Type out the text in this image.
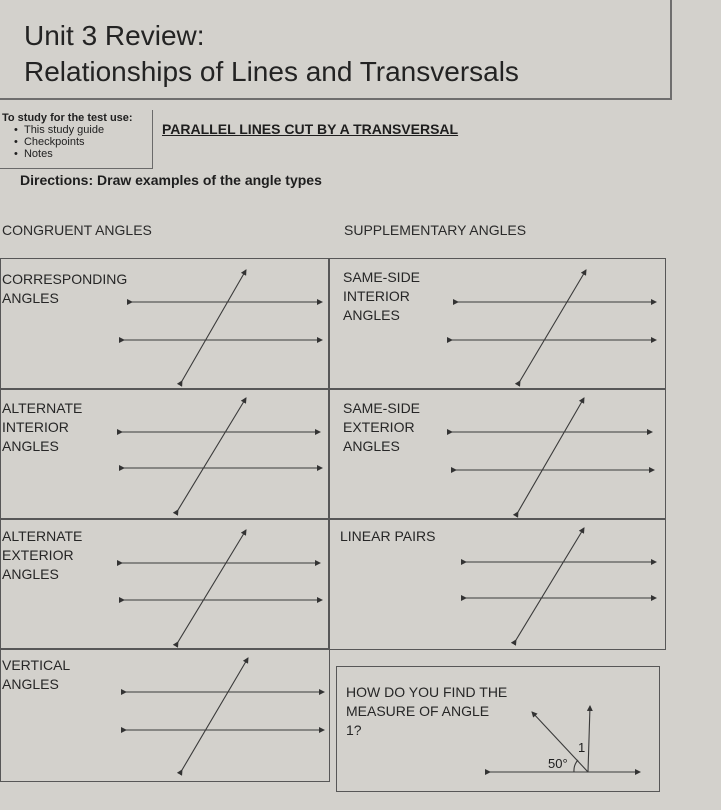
Unit 3 Review:
Relationships of Lines and Transversals
To study for the test use:
•  This study guide
•  Checkpoints
•  Notes
PARALLEL LINES CUT BY A TRANSVERSAL
Directions: Draw examples of the angle types
CONGRUENT ANGLES	SUPPLEMENTARY ANGLES
CORRESPONDING
ANGLES
SAME-SIDE
INTERIOR
ANGLES
ALTERNATE
INTERIOR
ANGLES
SAME-SIDE
EXTERIOR
ANGLES
ALTERNATE
EXTERIOR
ANGLES
LINEAR PAIRS
VERTICAL
ANGLES	HOW DO YOU FIND THE
MEASURE OF ANGLE
1?
50°
1
